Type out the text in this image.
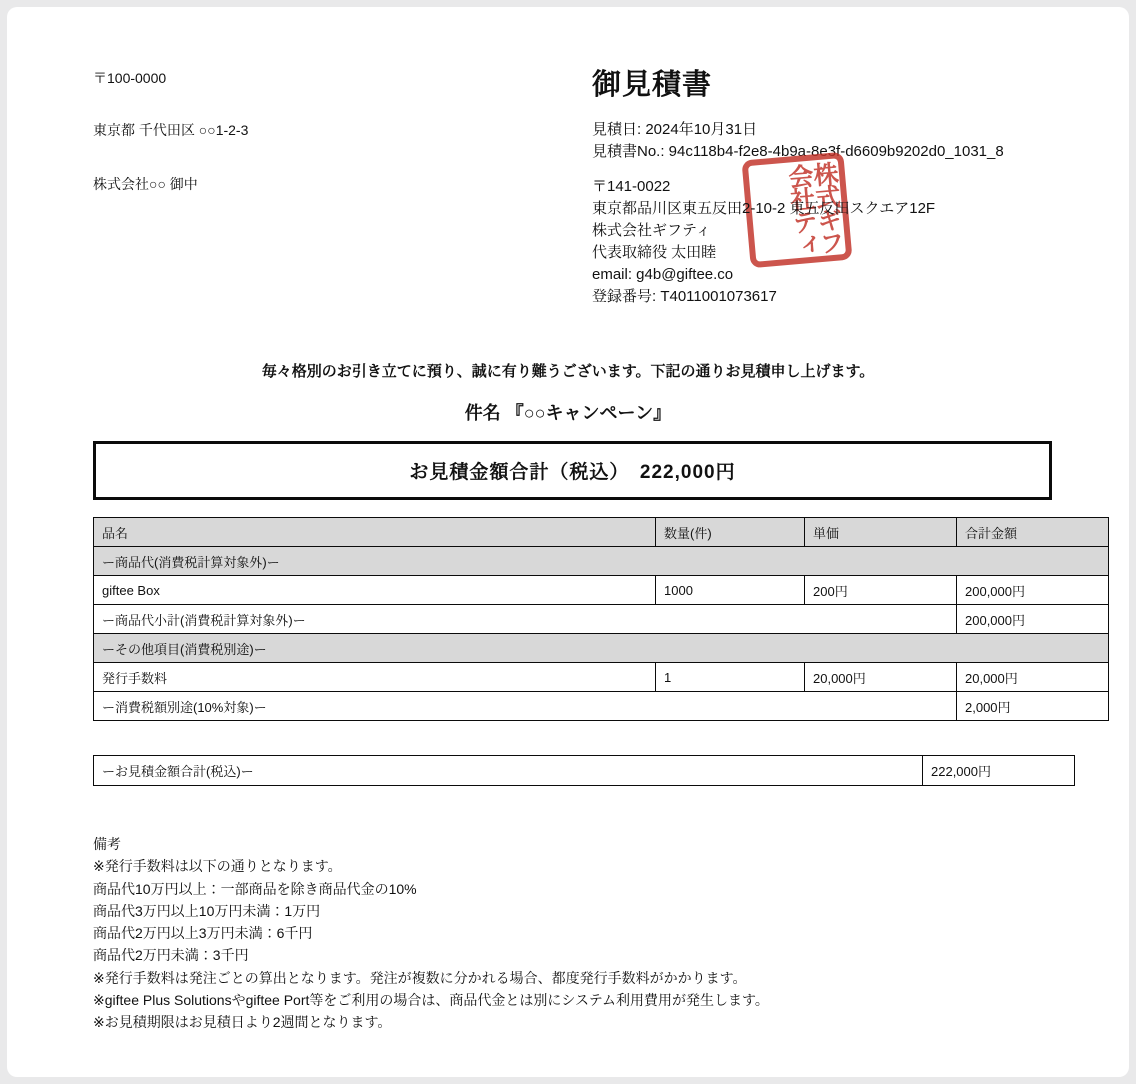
〒100-0000
東京都 千代田区 ○○1-2-3
株式会社○○ 御中
御見積書
見積日: 2024年10月31日
見積書No.: 94c118b4-f2e8-4b9a-8e3f-d6609b9202d0_1031_8
株式会社
ギフティ
〒141-0022
東京都品川区東五反田2-10-2 東五反田スクエア12F
株式会社ギフティ
代表取締役 太田睦
email: g4b@giftee.co
登録番号: T4011001073617
毎々格別のお引き立てに預り、誠に有り難うございます。下記の通りお見積申し上げます。
件名 『○○キャンペーン』
お見積金額合計（税込）　222,000円
品名	数量(件)	単価	合計金額
ー商品代(消費税計算対象外)ー			
giftee Box	1000	200円	200,000円
ー商品代小計(消費税計算対象外)ー			200,000円
ーその他項目(消費税別途)ー			
発行手数料	1	20,000円	20,000円
ー消費税額別途(10%対象)ー			2,000円
ーお見積金額合計(税込)ー	222,000円
備考
※発行手数料は以下の通りとなります。
商品代10万円以上：一部商品を除き商品代金の10%
商品代3万円以上10万円未満：1万円
商品代2万円以上3万円未満：6千円
商品代2万円未満：3千円
※発行手数料は発注ごとの算出となります。発注が複数に分かれる場合、都度発行手数料がかかります。
※giftee Plus Solutionsやgiftee Port等をご利用の場合は、商品代金とは別にシステム利用費用が発生します。
※お見積期限はお見積日より2週間となります。
